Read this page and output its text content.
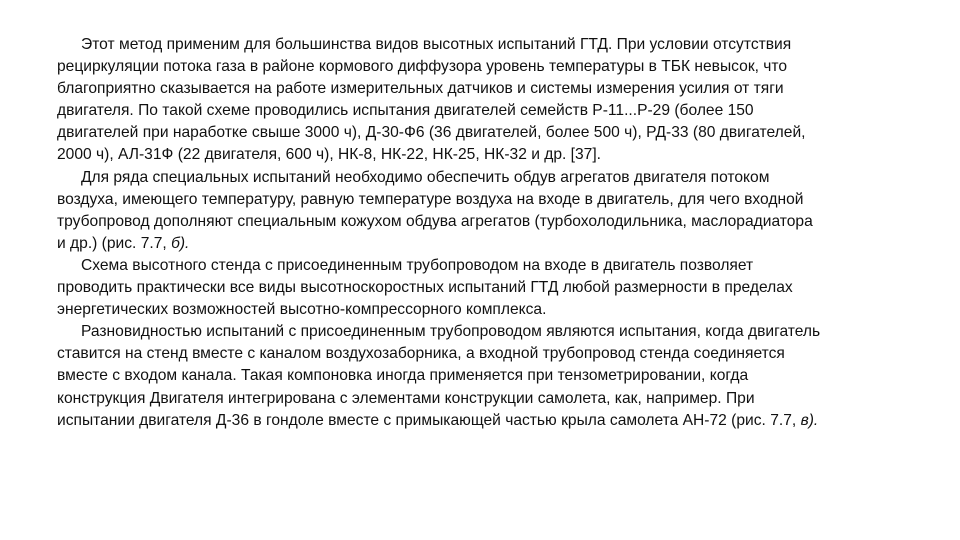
Этот метод применим для большинства видов высотных испытаний ГТД. При условии отсутствия
рециркуляции потока газа в районе кормового диффузора уровень температуры в ТБК невысок, что
благоприятно сказывается на работе измерительных датчиков и системы измерения усилия от тяги
двигателя. По такой схеме проводились испытания двигателей семейств Р-11...Р-29 (более 150
двигателей при наработке свыше 3000 ч), Д-30-Ф6 (36 двигателей, более 500 ч), РД-33 (80 двигателей,
2000 ч), АЛ-31Ф (22 двигателя, 600 ч), НК-8, НК-22, НК-25, НК-32 и др. [37].
Для ряда специальных испытаний необходимо обеспечить обдув агрегатов двигателя потоком
воздуха, имеющего температуру, равную температуре воздуха на входе в двигатель, для чего входной
трубопровод дополняют специальным кожухом обдува агрегатов (турбохолодильника, маслорадиатора
и др.) (рис. 7.7, б).
Схема высотного стенда с присоединенным трубопроводом на входе в двигатель позволяет
проводить практически все виды высотноскоростных испытаний ГТД любой размерности в пределах
энергетических возможностей высотно-компрессорного комплекса.
Разновидностью испытаний с присоединенным трубопроводом являются испытания, когда двигатель
ставится на стенд вместе с каналом воздухозаборника, а входной трубопровод стенда соединяется
вместе с входом канала. Такая компоновка иногда применяется при тензометрировании, когда
конструкция Двигателя интегрирована с элементами конструкции самолета, как, например. При
испытании двигателя Д-36 в гондоле вместе с примыкающей частью крыла самолета АН-72 (рис. 7.7, в).
